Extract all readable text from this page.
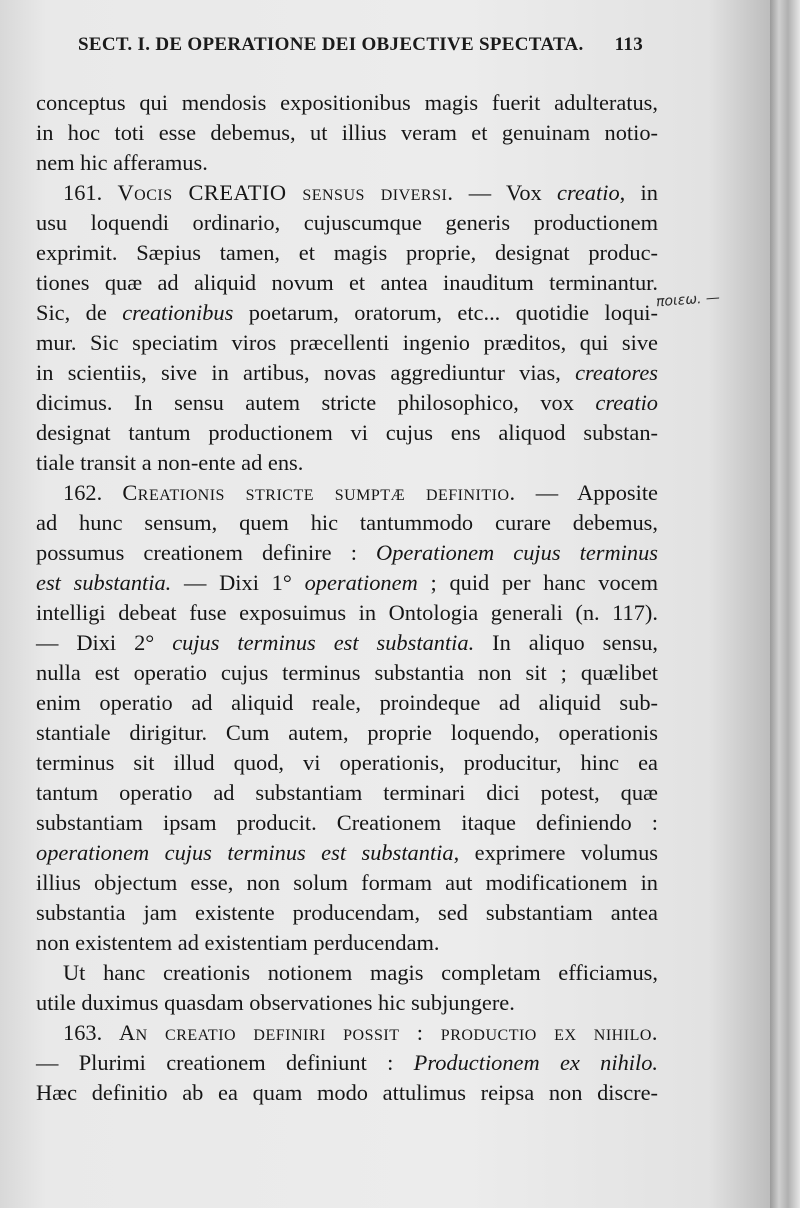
SECT. I. DE OPERATIONE DEI OBJECTIVE SPECTATA. 113
conceptus qui mendosis expositionibus magis fuerit adulteratus,
in hoc toti esse debemus, ut illius veram et genuinam notio-
nem hic afferamus.
161. Vocis CREATIO sensus diversi. — Vox creatio, in
usu loquendi ordinario, cujuscumque generis productionem
exprimit. Sæpius tamen, et magis proprie, designat produc-
tiones quæ ad aliquid novum et antea inauditum terminantur.
Sic, de creationibus poetarum, oratorum, etc... quotidie loqui-
mur. Sic speciatim viros præcellenti ingenio præditos, qui sive
in scientiis, sive in artibus, novas aggrediuntur vias, creatores
dicimus. In sensu autem stricte philosophico, vox creatio
designat tantum productionem vi cujus ens aliquod substan-
tiale transit a non-ente ad ens.
162. Creationis stricte sumptæ definitio. — Apposite
ad hunc sensum, quem hic tantummodo curare debemus,
possumus creationem definire : Operationem cujus terminus
est substantia. — Dixi 1° operationem ; quid per hanc vocem
intelligi debeat fuse exposuimus in Ontologia generali (n. 117).
— Dixi 2° cujus terminus est substantia. In aliquo sensu,
nulla est operatio cujus terminus substantia non sit ; quælibet
enim operatio ad aliquid reale, proindeque ad aliquid sub-
stantiale dirigitur. Cum autem, proprie loquendo, operationis
terminus sit illud quod, vi operationis, producitur, hinc ea
tantum operatio ad substantiam terminari dici potest, quæ
substantiam ipsam producit. Creationem itaque definiendo :
operationem cujus terminus est substantia, exprimere volumus
illius objectum esse, non solum formam aut modificationem in
substantia jam existente producendam, sed substantiam antea
non existentem ad existentiam perducendam.
Ut hanc creationis notionem magis completam efficiamus,
utile duximus quasdam observationes hic subjungere.
163. An creatio definiri possit : productio ex nihilo.
— Plurimi creationem definiunt : Productionem ex nihilo.
Hæc definitio ab ea quam modo attulimus reipsa non discre-
πoιεω. —
